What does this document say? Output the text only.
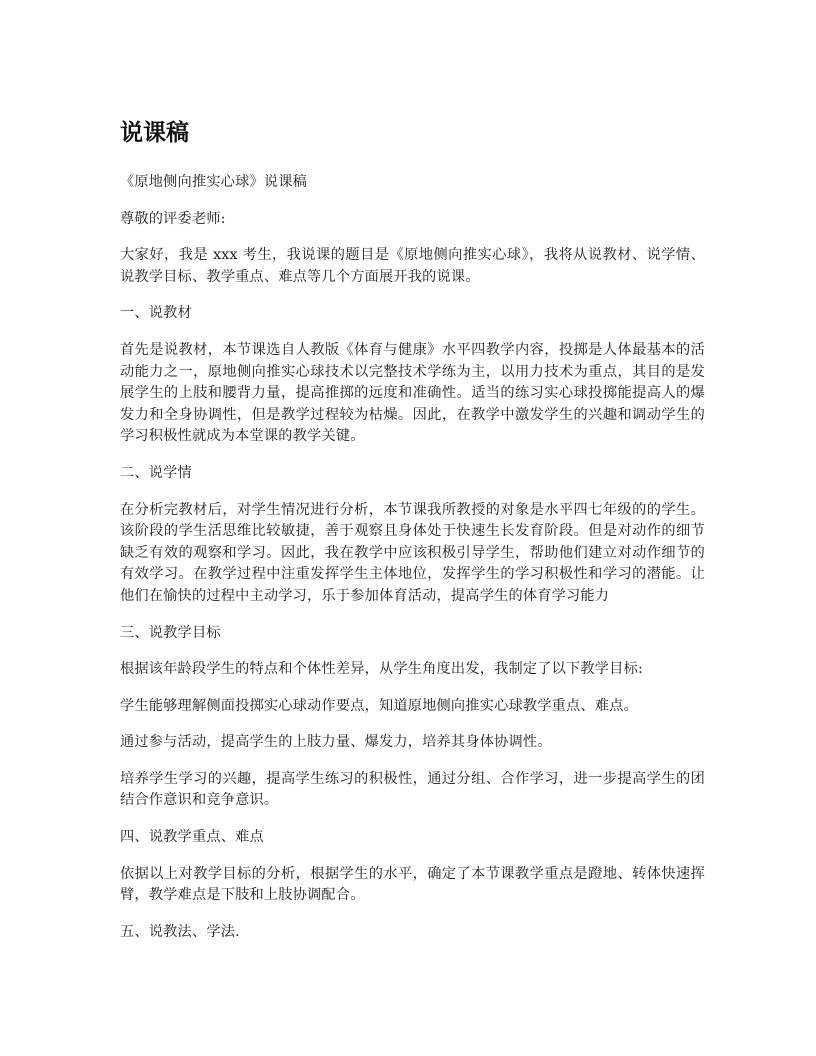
说课稿

《原地侧向推实心球》说课稿

尊敬的评委老师:

大家好，我是 xxx 考生，我说课的题目是《原地侧向推实心球》，我将从说教材、说学情、说教学目标、教学重点、难点等几个方面展开我的说课。

一、说教材

首先是说教材，本节课选自人教版《体育与健康》水平四教学内容，投掷是人体最基本的活动能力之一，原地侧向推实心球技术以完整技术学练为主，以用力技术为重点，其目的是发展学生的上肢和腰背力量，提高推掷的远度和准确性。适当的练习实心球投掷能提高人的爆发力和全身协调性，但是教学过程较为枯燥。因此，在教学中激发学生的兴趣和调动学生的学习积极性就成为本堂课的教学关键。

二、说学情

在分析完教材后，对学生情况进行分析，本节课我所教授的对象是水平四七年级的的学生。该阶段的学生活思维比较敏捷，善于观察且身体处于快速生长发育阶段。但是对动作的细节缺乏有效的观察和学习。因此，我在教学中应该积极引导学生，帮助他们建立对动作细节的有效学习。在教学过程中注重发挥学生主体地位，发挥学生的学习积极性和学习的潜能。让他们在愉快的过程中主动学习，乐于参加体育活动，提高学生的体育学习能力

三、说教学目标

根据该年龄段学生的特点和个体性差异，从学生角度出发，我制定了以下教学目标:

学生能够理解侧面投掷实心球动作要点，知道原地侧向推实心球教学重点、难点。

通过参与活动，提高学生的上肢力量、爆发力，培养其身体协调性。

培养学生学习的兴趣，提高学生练习的积极性，通过分组、合作学习，进一步提高学生的团结合作意识和竞争意识。

四、说教学重点、难点

依据以上对教学目标的分析，根据学生的水平，确定了本节课教学重点是蹬地、转体快速挥臂，教学难点是下肢和上肢协调配合。

五、说教法、学法.
